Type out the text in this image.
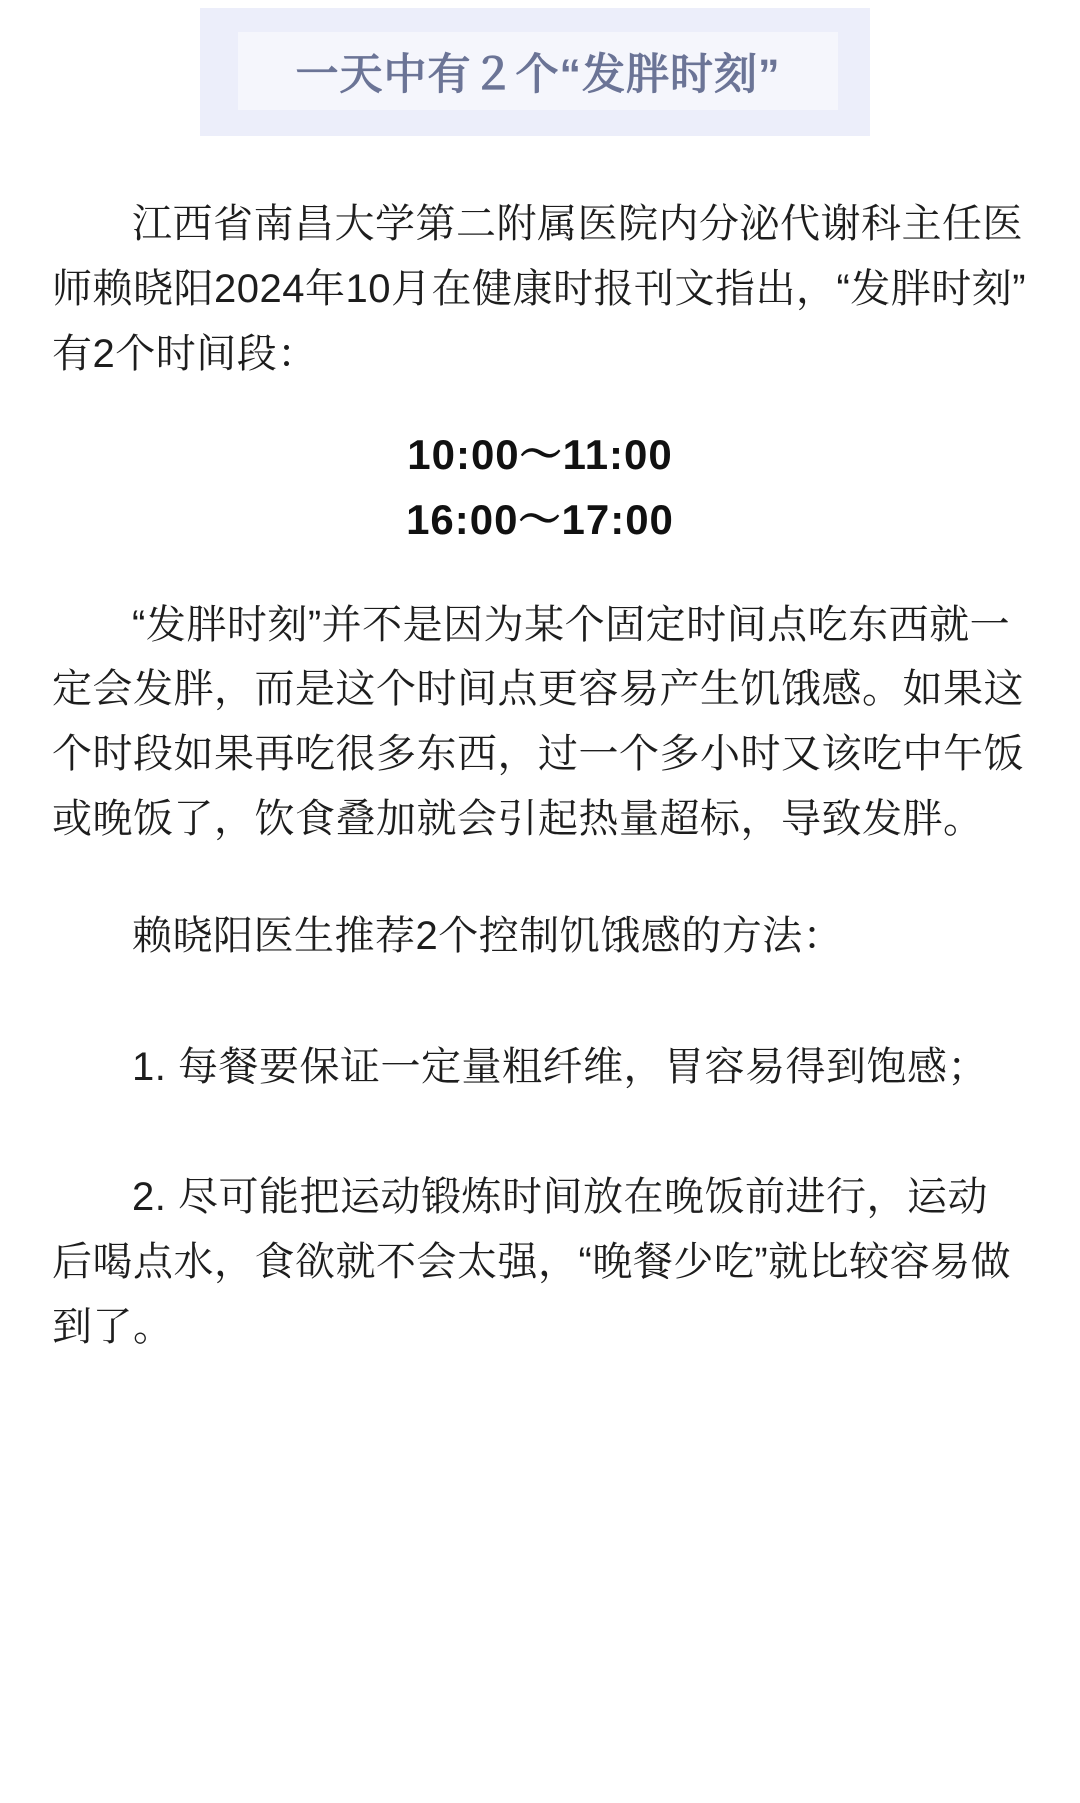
一天中有２个“发胖时刻”

江西省南昌大学第二附属医院内分泌代谢科主任医师赖晓阳2024年10月在健康时报刊文指出，“发胖时刻”有2个时间段：

10:00～11:00
16:00～17:00

“发胖时刻”并不是因为某个固定时间点吃东西就一定会发胖，而是这个时间点更容易产生饥饿感。如果这个时段如果再吃很多东西，过一个多小时又该吃中午饭或晚饭了，饮食叠加就会引起热量超标，导致发胖。

赖晓阳医生推荐2个控制饥饿感的方法：

1. 每餐要保证一定量粗纤维，胃容易得到饱感；

2. 尽可能把运动锻炼时间放在晚饭前进行，运动后喝点水，食欲就不会太强，“晚餐少吃”就比较容易做到了。
